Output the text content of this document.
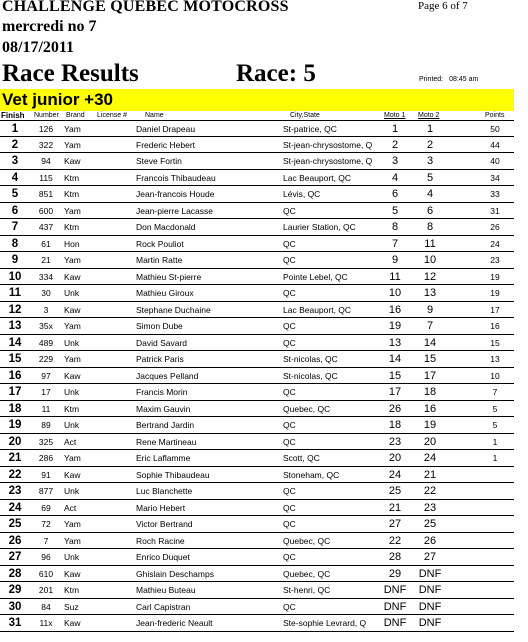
CHALLENGE QUEBEC MOTOCROSS
mercredi no 7
08/17/2011
Page 6 of 7
Race Results	Race: 5	Printed: 08:45 am
Vet junior +30
Finish Number Brand License #	Name	City,State	Moto 1 Moto 2	Points
1	126	Yam	Daniel Drapeau	St-patrice, QC	1	1	50
2	322	Yam	Frederic Hebert	St-jean-chrysostome, Q	2	2	44
3	94	Kaw	Steve Fortin	St-jean-chrysostome, Q	3	3	40
4	115	Ktm	Francois Thibaudeau	Lac Beauport, QC	4	5	34
5	851	Ktm	Jean-francois Houde	Lévis, QC	6	4	33
6	600	Yam	Jean-pierre Lacasse	QC	5	6	31
7	437	Ktm	Don Macdonald	Laurier Station, QC	8	8	26
8	61	Hon	Rock Pouliot	QC	7	11	24
9	21	Yam	Martin Ratte	QC	9	10	23
10	334	Kaw	Mathieu St-pierre	Pointe Lebel, QC	11	12	19
11	30	Unk	Mathieu Giroux	QC	10	13	19
12	3	Kaw	Stephane Duchaine	Lac Beauport, QC	16	9	17
13	35x	Yam	Simon Dube	QC	19	7	16
14	489	Unk	David Savard	QC	13	14	15
15	229	Yam	Patrick Paris	St-nicolas, QC	14	15	13
16	97	Kaw	Jacques Pelland	St-nicolas, QC	15	17	10
17	17	Unk	Francis Morin	QC	17	18	7
18	11	Ktm	Maxim Gauvin	Quebec, QC	26	16	5
19	89	Unk	Bertrand Jardin	QC	18	19	5
20	325	Act	Rene Martineau	QC	23	20	1
21	286	Yam	Eric Laflamme	Scott, QC	20	24	1
22	91	Kaw	Sophie Thibaudeau	Stoneham, QC	24	21
23	877	Unk	Luc Blanchette	QC	25	22
24	69	Act	Mario Hebert	QC	21	23
25	72	Yam	Victor Bertrand	QC	27	25
26	7	Yam	Roch Racine	Quebec, QC	22	26
27	96	Unk	Enrico Duquet	QC	28	27
28	610	Kaw	Ghislain Deschamps	Quebec, QC	29	DNF
29	201	Ktm	Mathieu Buteau	St-henri, QC	DNF	DNF
30	84	Suz	Carl Capistran	QC	DNF	DNF
31	11x	Kaw	Jean-frederic Neault	Ste-sophie Levrard, Q	DNF	DNF
